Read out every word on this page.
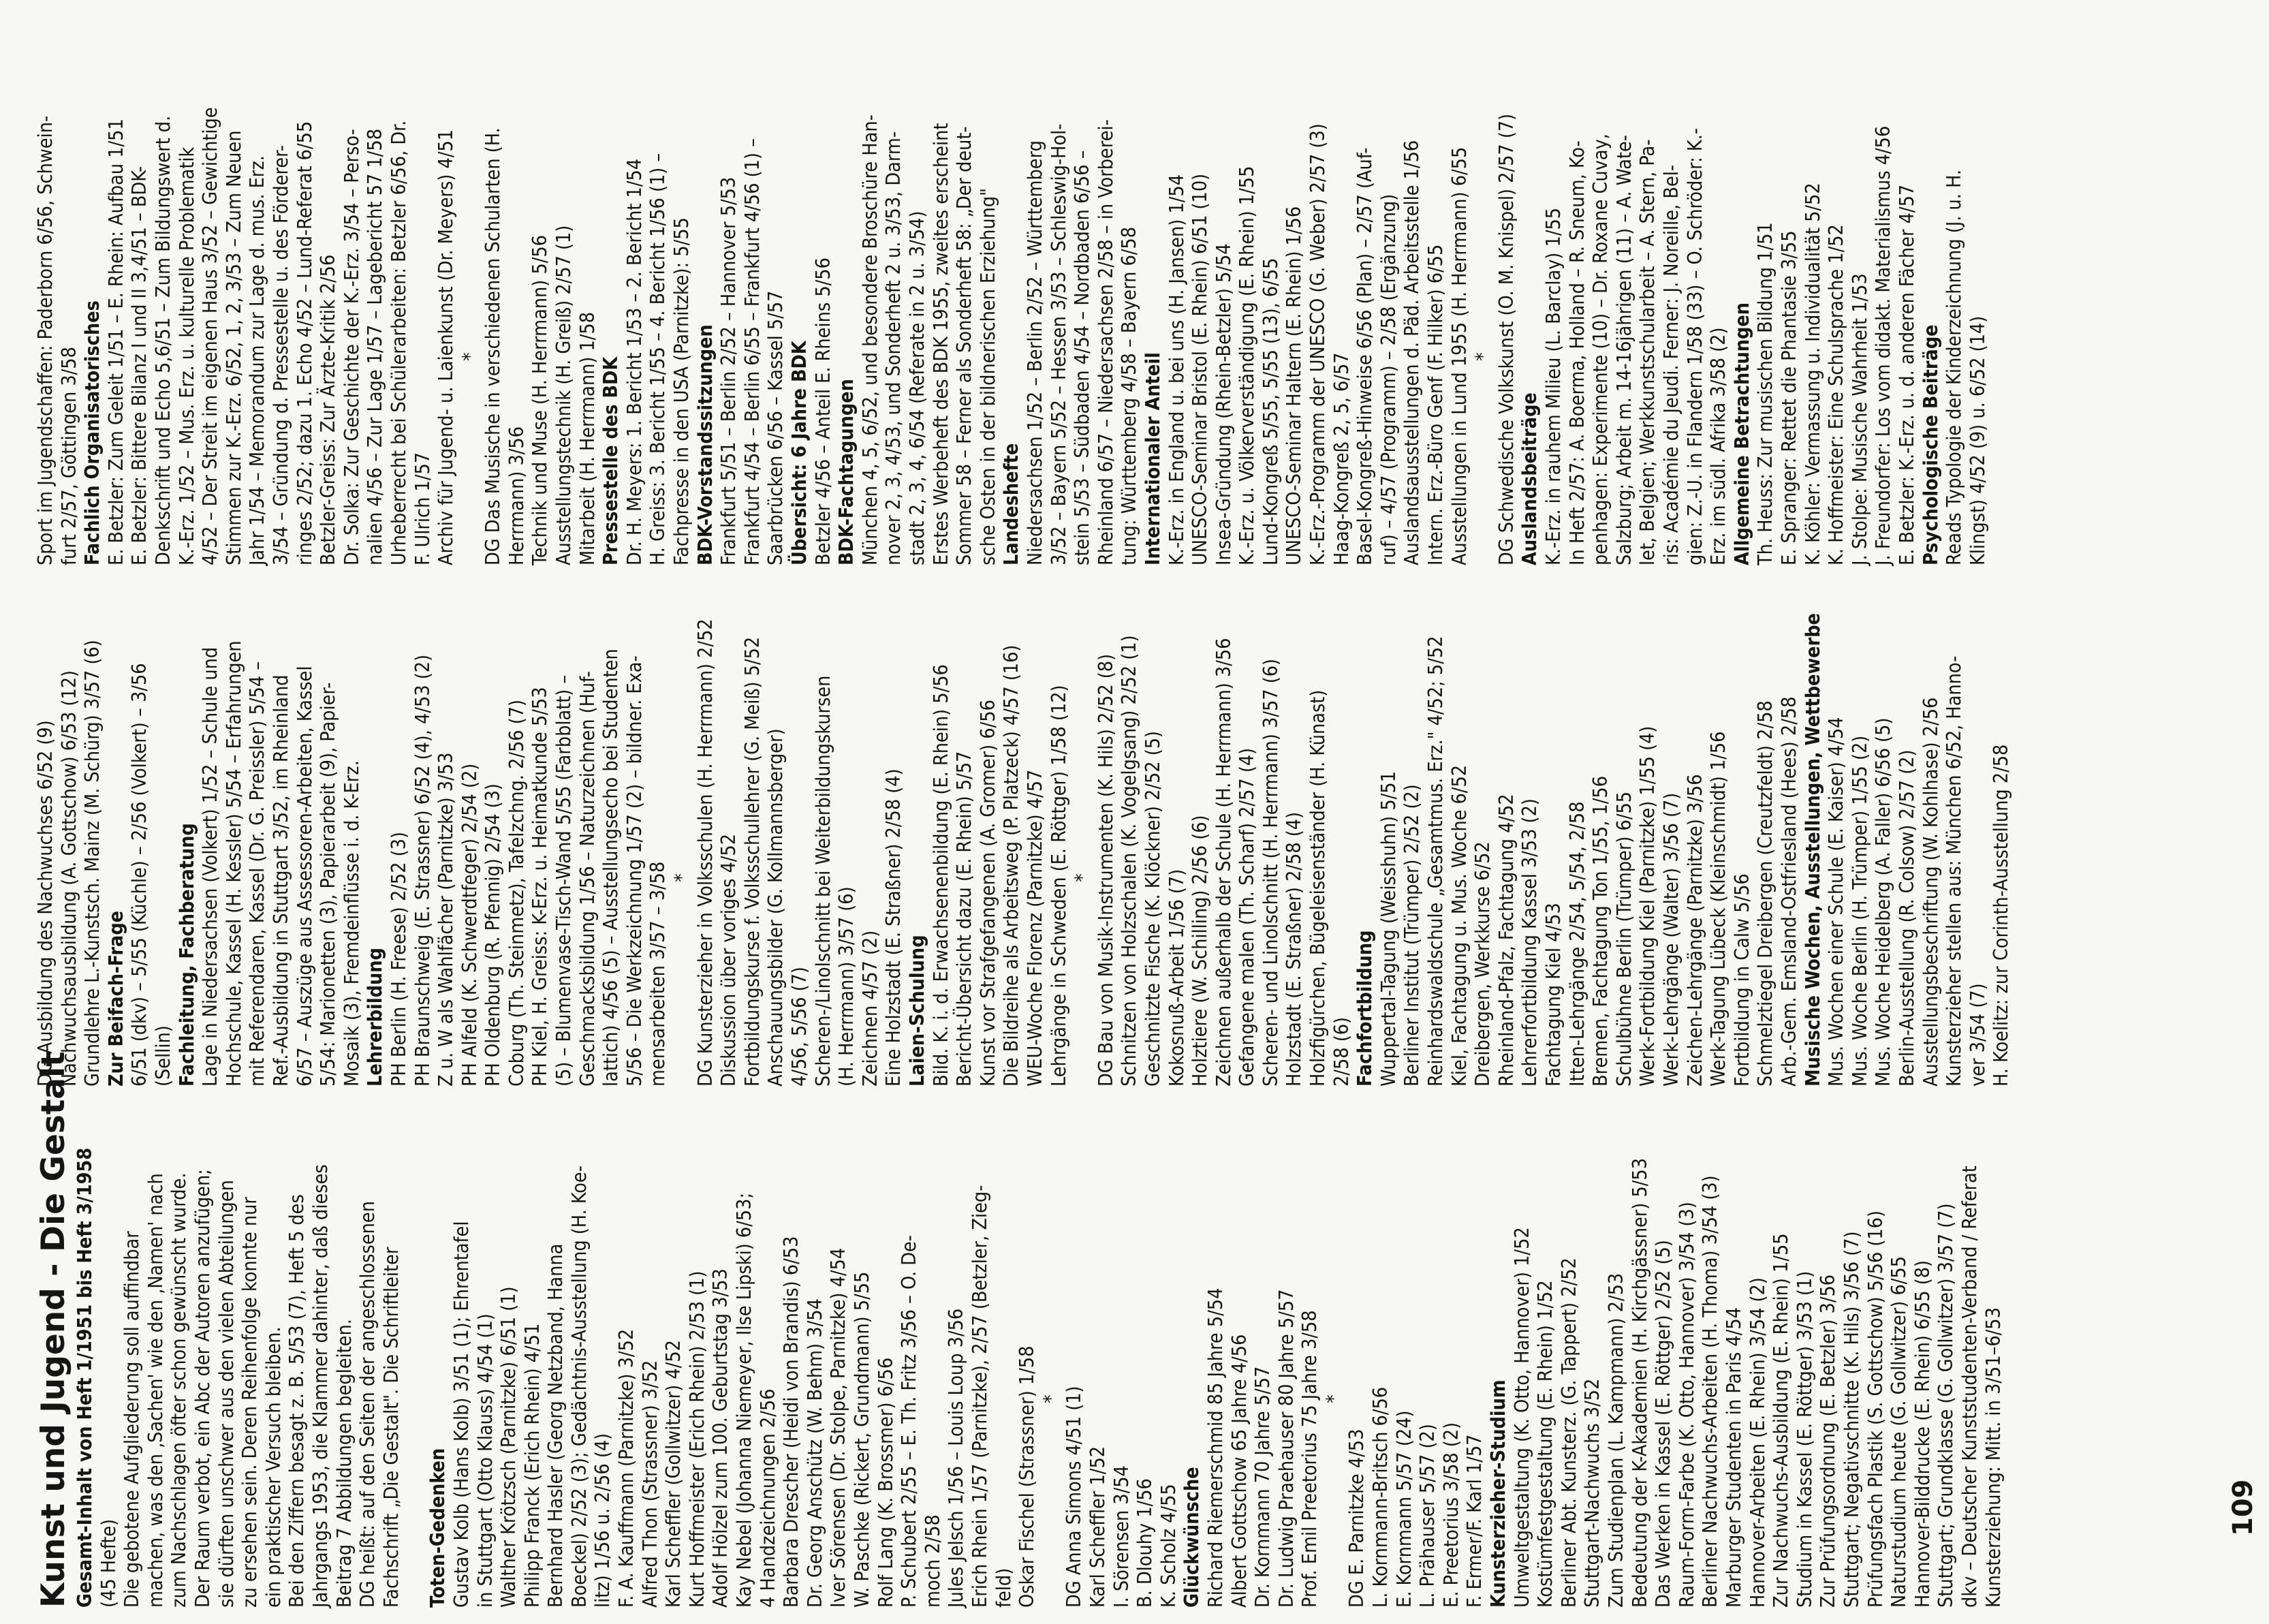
Kunst und Jugend - Die Gestalt Gesamt-Inhalt von Heft 1/1951 bis Heft 3/1958 (45 Hefte) Die gebotene Aufgliederung soll auffindbar machen, was den ‚Sachen' wie den ‚Namen' nach zum Nachschlagen öfter schon gewünscht wurde. Der Raum verbot, ein Abc der Autoren anzufügen; sie dürften unschwer aus den vielen Abteilungen zu ersehen sein. Deren Reihenfolge konnte nur ein praktischer Versuch bleiben. Bei den Ziffern besagt z. B. 5/53 (7), Heft 5 des Jahrgangs 1953, die Klammer dahinter, daß dieses Beitrag 7 Abbildungen begleiten. DG heißt: auf den Seiten der angeschlossenen Fachschrift „Die Gestalt". Die Schriftleiter Toten-Gedenken Gustav Kolb (Hans Kolb) 3/51 (1); Ehrentafel in Stuttgart (Otto Klauss) 4/54 (1) Walther Krötzsch (Parnitzke) 6/51 (1) Philipp Franck (Erich Rhein) 4/51 Bernhard Hasler (Georg Netzband, Hanna Boeckel) 2/52 (3); Gedächtnis-Ausstellung (H. Koe- litz) 1/56 u. 2/56 (4) F. A. Kauffmann (Parnitzke) 3/52 Alfred Thon (Strassner) 3/52 Karl Scheffler (Gollwitzer) 4/52 Kurt Hoffmeister (Erich Rhein) 2/53 (1) Adolf Hölzel zum 100. Geburtstag 3/53 Kay Nebel (Johanna Niemeyer, Ilse Lipski) 6/53; 4 Handzeichnungen 2/56 Barbara Drescher (Heidi von Brandis) 6/53 Dr. Georg Anschütz (W. Behm) 3/54 Iver Sörensen (Dr. Stolpe, Parnitzke) 4/54 W. Paschke (Rickert, Grundmann) 5/55 Rolf Lang (K. Brossmer) 6/56 P. Schubert 2/55 – E. Th. Fritz 3/56 – O. De- moch 2/58 Jules Jelsch 1/56 – Louis Loup 3/56 Erich Rhein 1/57 (Parnitzke), 2/57 (Betzler, Zieg- feld) Oskar Fischel (Strassner) 1/58 * DG Anna Simons 4/51 (1) Karl Scheffler 1/52 I. Sörensen 3/54 B. Dlouhy 1/56 K. Scholz 4/55 Glückwünsche Richard Riemerschmid 85 Jahre 5/54 Albert Gottschow 65 Jahre 4/56 Dr. Kornmann 70 Jahre 5/57 Dr. Ludwig Praehauser 80 Jahre 5/57 Prof. Emil Preetorius 75 Jahre 3/58 *
DG E. Parnitzke 4/53 L. Kornmann-Britsch 6/56 E. Kornmann 5/57 (24) L. Prähauser 5/57 (2) E. Preetorius 3/58 (2) F. Ermer/F. Karl 1/57 Kunsterzieher-Studium Umweltgestaltung (K. Otto, Hannover) 1/52 Kostümfestgestaltung (E. Rhein) 1/52 Berliner Abt. Kunsterz. (G. Tappert) 2/52 Stuttgart-Nachwuchs 3/52 Zum Studienplan (L. Kampmann) 2/53 Bedeutung der K-Akademien (H. Kirchgässner) 5/53 Das Werken in Kassel (E. Röttger) 2/52 (5) Raum-Form-Farbe (K. Otto, Hannover) 3/54 (3) Berliner Nachwuchs-Arbeiten (H. Thoma) 3/54 (3) Marburger Studenten in Paris 4/54 Hannover-Arbeiten (E. Rhein) 3/54 (2) Zur Nachwuchs-Ausbildung (E. Rhein) 1/55 Studium in Kassel (E. Röttger) 3/53 (1) Zur Prüfungsordnung (E. Betzler) 3/56 Stuttgart; Negativschnitte (K. Hils) 3/56 (7) Prüfungsfach Plastik (S. Gottschow) 5/56 (16) Naturstudium heute (G. Gollwitzer) 6/55 Hannover-Bilddrucke (E. Rhein) 6/55 (8) Stuttgart; Grundklasse (G. Gollwitzer) 3/57 (7) dkv – Deutscher Kunststudenten-Verband / Referat Kunsterziehung: Mitt. in 3/51–6/53
DG Ausbildung des Nachwuchses 6/52 (9) Nachwuchsausbildung (A. Gottschow) 6/53 (12) Grundlehre L.-Kunstsch. Mainz (M. Schürg) 3/57 (6) Zur Beifach-Frage 6/51 (dkv) – 5/55 (Küchle) – 2/56 (Volkert) – 3/56 (Sellin) Fachleitung, Fachberatung Lage in Niedersachsen (Volkert) 1/52 – Schule und Hochschule, Kassel (H. Kessler) 5/54 – Erfahrungen mit Referendaren, Kassel (Dr. G. Preissler) 5/54 – Ref.-Ausbildung in Stuttgart 3/52, im Rheinland 6/57 – Auszüge aus Assessoren-Arbeiten, Kassel 5/54: Marionetten (3), Papierarbeit (9), Papier- Mosaik (3), Fremdeinflüsse i. d. K-Erz. Lehrerbildung PH Berlin (H. Freese) 2/52 (3) PH Braunschweig (E. Strassner) 6/52 (4), 4/53 (2) Z u. W als Wahlfächer (Parnitzke) 3/53 PH Alfeld (K. Schwerdtfeger) 2/54 (2) PH Oldenburg (R. Pfennig) 2/54 (3) Coburg (Th. Steinmetz), Tafelzchng. 2/56 (7) PH Kiel, H. Greiss: K-Erz. u. Heimatkunde 5/53 (5) – Blumenvase-Tisch-Wand 5/55 (Farbblatt) – Geschmacksbildung 1/56 – Naturzeichnen (Huf- lattich) 4/56 (5) – Ausstellungsecho bei Studenten 5/56 – Die Werkzeichnung 1/57 (2) – bildner. Exa- mensarbeiten 3/57 – 3/58 * DG Kunsterzieher in Volksschulen (H. Herrmann) 2/52 Diskussion über voriges 4/52 Fortbildungskurse f. Volksschullehrer (G. Meiß) 5/52 Anschauungsbilder (G. Kollmannsberger) 4/56, 5/56 (7) Scheren-/Linolschnitt bei Weiterbildungskursen (H. Herrmann) 3/57 (6) Zeichnen 4/57 (2) Eine Holzstadt (E. Straßner) 2/58 (4) Laien-Schulung Bild. K. i. d. Erwachsenenbildung (E. Rhein) 5/56 Bericht-Übersicht dazu (E. Rhein) 5/57 Kunst vor Strafgefangenen (A. Gromer) 6/56 Die Bildreihe als Arbeitsweg (P. Platzeck) 4/57 (16) WEU-Woche Florenz (Parnitzke) 4/57 Lehrgänge in Schweden (E. Röttger) 1/58 (12) * DG Bau von Musik-Instrumenten (K. Hils) 2/52 (8) Schnitzen von Holzschalen (K. Vogelgsang) 2/52 (1) Geschnitzte Fische (K. Klöckner) 2/52 (5) Kokosnuß-Arbeit 1/56 (7) Holztiere (W. Schilling) 2/56 (6) Zeichnen außerhalb der Schule (H. Herrmann) 3/56 Gefangene malen (Th. Scharf) 2/57 (4) Scheren- und Linolschnitt (H. Herrmann) 3/57 (6) Holzstadt (E. Straßner) 2/58 (4) Holzfigürchen, Bügeleisenständer (H. Künast) 2/58 (6) Fachfortbildung Wuppertal-Tagung (Weisshuhn) 5/51 Berliner Institut (Trümper) 2/52 (2) Reinhardswaldschule „Gesamtmus. Erz." 4/52; 5/52 Kiel, Fachtagung u. Mus. Woche 6/52 Dreibergen, Werkkurse 6/52 Rheinland-Pfalz, Fachtagung 4/52 Lehrerfortbildung Kassel 3/53 (2) Fachtagung Kiel 4/53 Itten-Lehrgänge 2/54, 5/54, 2/58 Bremen, Fachtagung Ton 1/55, 1/56 Schulbühne Berlin (Trümper) 6/55 Werk-Fortbildung Kiel (Parnitzke) 1/55 (4) Werk-Lehrgänge (Walter) 3/56 (7) Zeichen-Lehrgänge (Parnitzke) 3/56 Werk-Tagung Lübeck (Kleinschmidt) 1/56 Fortbildung in Calw 5/56 Schmelztiegel Dreibergen (Creutzfeldt) 2/58 Arb.-Gem. Emsland-Ostfriesland (Hees) 2/58 Musische Wochen, Ausstellungen, Wettbewerbe Mus. Wochen einer Schule (E. Kaiser) 4/54 Mus. Woche Berlin (H. Trümper) 1/55 (2) Mus. Woche Heidelberg (A. Faller) 6/56 (5) Berlin-Ausstellung (R. Colsow) 2/57 (2) Ausstellungsbeschriftung (W. Kohlhase) 2/56 Kunsterzieher stellen aus: München 6/52, Hanno- ver 3/54 (7) H. Koelitz: zur Corinth-Ausstellung 2/58
Sport im Jugendschaffen: Paderborn 6/56, Schwein- furt 2/57, Göttingen 3/58 Fachlich Organisatorisches E. Betzler: Zum Geleit 1/51 – E. Rhein: Aufbau 1/51 E. Betzler: Bittere Bilanz I und II 3,4/51 – BDK- Denkschrift und Echo 5,6/51 – Zum Bildungswert d. K.-Erz. 1/52 – Mus. Erz. u. kulturelle Problematik 4/52 – Der Streit im eigenen Haus 3/52 – Gewichtige Stimmen zur K.-Erz. 6/52, 1, 2, 3/53 – Zum Neuen Jahr 1/54 – Memorandum zur Lage d. mus. Erz. 3/54 – Gründung d. Pressestelle u. des Förderer- ringes 2/52; dazu 1. Echo 4/52 – Lund-Referat 6/55 Betzler-Greiss: Zur Ärzte-Kritik 2/56 Dr. Solka: Zur Geschichte der K.-Erz. 3/54 – Perso- nalien 4/56 – Zur Lage 1/57 – Lagebericht 57 1/58 Urheberrecht bei Schülerarbeiten: Betzler 6/56, Dr. F. Ulrich 1/57 Archiv für Jugend- u. Laienkunst (Dr. Meyers) 4/51 * DG Das Musische in verschiedenen Schularten (H. Herrmann) 3/56 Technik und Muse (H. Herrmann) 5/56 Ausstellungstechnik (H. Greiß) 2/57 (1) Mitarbeit (H. Herrmann) 1/58 Pressestelle des BDK Dr. H. Meyers: 1. Bericht 1/53 – 2. Bericht 1/54 H. Greiss: 3. Bericht 1/55 – 4. Bericht 1/56 (1) – Fachpresse in den USA (Parnitzke): 5/55 BDK-Vorstandssitzungen Frankfurt 5/51 – Berlin 2/52 – Hannover 5/53 Frankfurt 4/54 – Berlin 6/55 – Frankfurt 4/56 (1) – Saarbrücken 6/56 – Kassel 5/57 Übersicht: 6 Jahre BDK Betzler 4/56 – Anteil E. Rheins 5/56 BDK-Fachtagungen München 4, 5, 6/52, und besondere Broschüre Han- nover 2, 3, 4/53, und Sonderheft 2 u. 3/53, Darm- stadt 2, 3, 4, 6/54 (Referate in 2 u. 3/54) Erstes Werbeheft des BDK 1955, zweites erscheint Sommer 58 – Ferner als Sonderheft 58: „Der deut- sche Osten in der bildnerischen Erziehung" Landeshefte Niedersachsen 1/52 – Berlin 2/52 – Württemberg 3/52 – Bayern 5/52 – Hessen 3/53 – Schleswig-Hol- stein 5/53 – Südbaden 4/54 – Nordbaden 6/56 – Rheinland 6/57 – Niedersachsen 2/58 – in Vorberei- tung: Württemberg 4/58 – Bayern 6/58 Internationaler Anteil K.-Erz. in England u. bei uns (H. Jansen) 1/54 UNESCO-Seminar Bristol (E. Rhein) 6/51 (10) Insea-Gründung (Rhein-Betzler) 5/54 K.-Erz. u. Völkerverständigung (E. Rhein) 1/55 Lund-Kongreß 5/55, 5/55 (13), 6/55 UNESCO-Seminar Haltern (E. Rhein) 1/56 K.-Erz.-Programm der UNESCO (G. Weber) 2/57 (3) Haag-Kongreß 2, 5, 6/57 Basel-Kongreß-Hinweise 6/56 (Plan) – 2/57 (Auf- ruf) – 4/57 (Programm) – 2/58 (Ergänzung) Auslandsausstellungen d. Päd. Arbeitsstelle 1/56 Intern. Erz.-Büro Genf (F. Hilker) 6/55 Ausstellungen in Lund 1955 (H. Herrmann) 6/55 * DG Schwedische Volkskunst (O. M. Knispel) 2/57 (7) Auslandsbeiträge K.-Erz. in rauhem Milieu (L. Barclay) 1/55 In Heft 2/57: A. Boerma, Holland – R. Sneum, Ko- penhagen: Experimente (10) – Dr. Roxane Cuvay, Salzburg; Arbeit m. 14-16jährigen (11) – A. Wate- let, Belgien; Werkkunstschularbeit – A. Stern, Pa- ris: Académie du Jeudi. Ferner: J. Noreille, Bel- gien: Z.-U. in Flandern 1/58 (33) – O. Schröder: K.- Erz. im südl. Afrika 3/58 (2) Allgemeine Betrachtungen Th. Heuss: Zur musischen Bildung 1/51 E. Spranger: Rettet die Phantasie 3/55 K. Köhler: Vermassung u. Individualität 5/52 K. Hoffmeister: Eine Schulsprache 1/52 J. Stolpe: Musische Wahrheit 1/53 J. Freundorfer: Los vom didakt. Materialismus 4/56 E. Betzler: K.-Erz. u. d. anderen Fächer 4/57 Psychologische Beiträge Reads Typologie der Kinderzeichnung (J. u. H. Klingst) 4/52 (9) u. 6/52 (14)
109
